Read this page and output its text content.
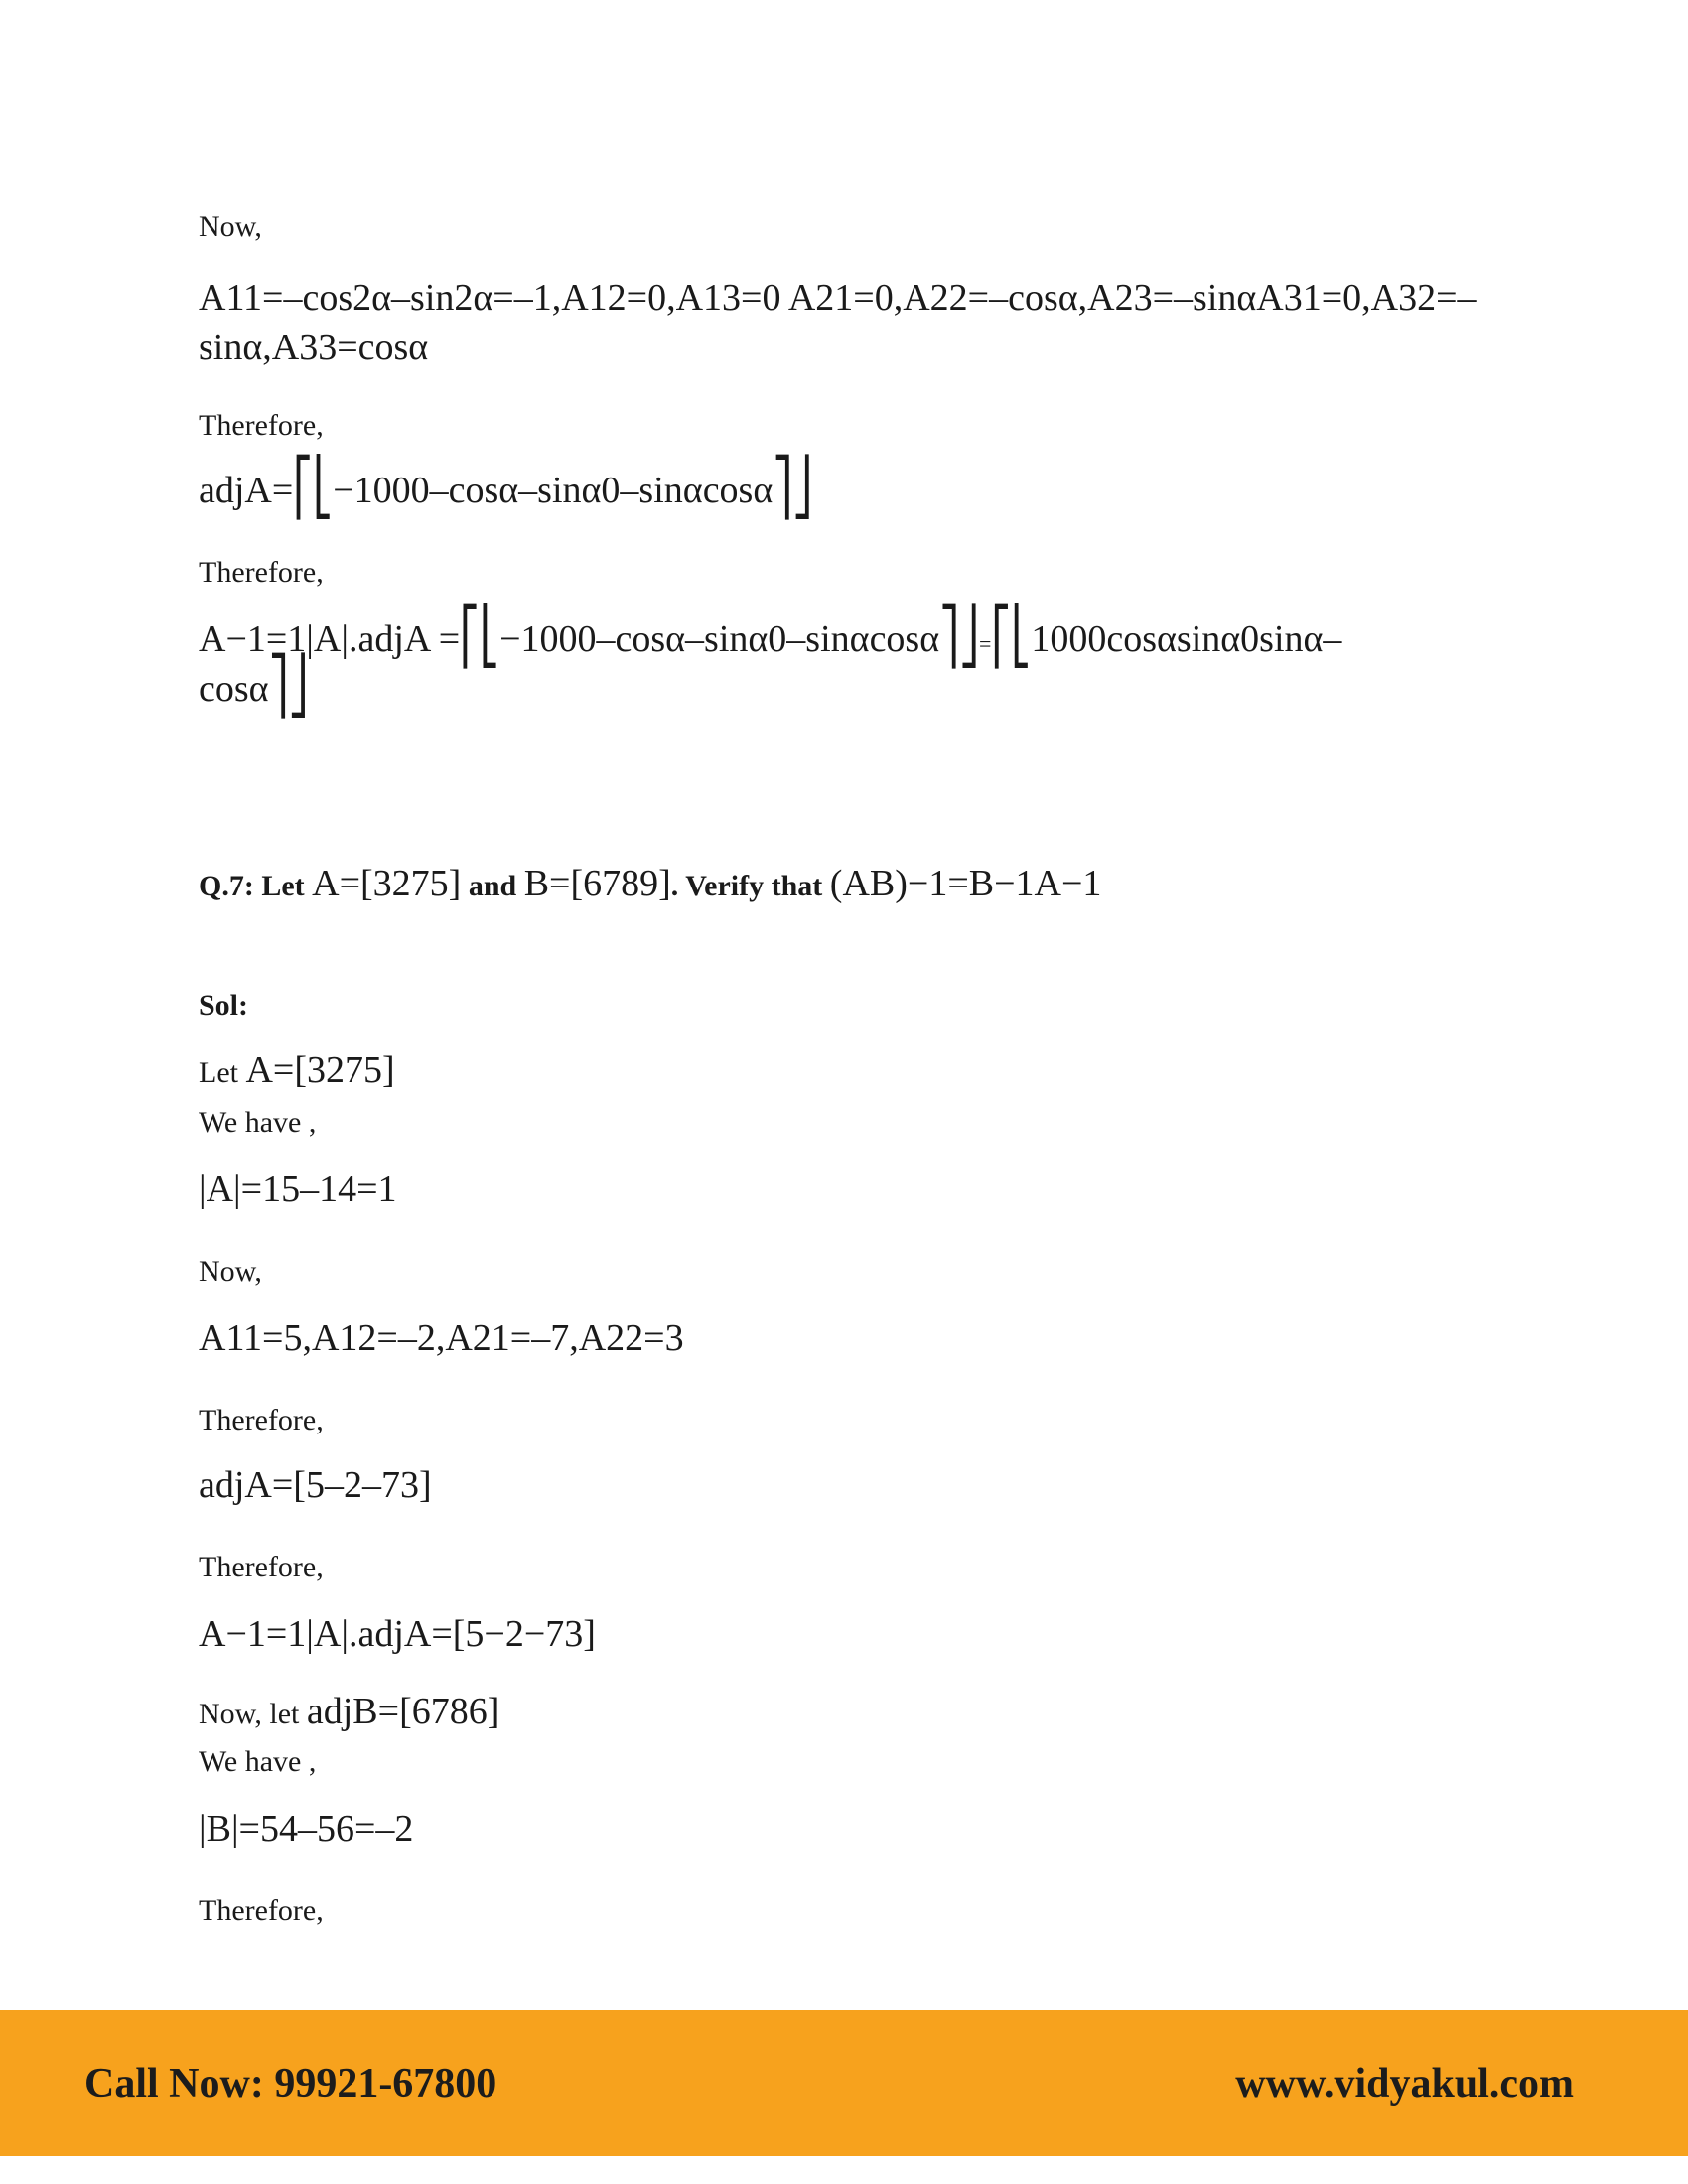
Now,
A11=–cos2α–sin2α=–1,A12=0,A13=0 A21=0,A22=–cosα,A23=–sinαA31=0,A32=–
sinα,A33=cosα
Therefore,
adjA=⎡⎣−1000–cosα–sinα0–sinαcosα⎤⎦
Therefore,
A−1=1|A|.adjA =⎡⎣−1000–cosα–sinα0–sinαcosα⎤⎦=⎡⎣1000cosαsinα0sinα–
cosα⎤⎦
Q.7: Let A=[3275] and B=[6789]. Verify that (AB)−1=B−1A−1
Sol:
Let A=[3275]
We have ,
|A|=15–14=1
Now,
A11=5,A12=–2,A21=–7,A22=3
Therefore,
adjA=[5–2–73]
Therefore,
A−1=1|A|.adjA=[5−2−73]
Now, let adjB=[6786]
We have ,
|B|=54–56=–2
Therefore,
Call Now: 99921-67800	www.vidyakul.com
